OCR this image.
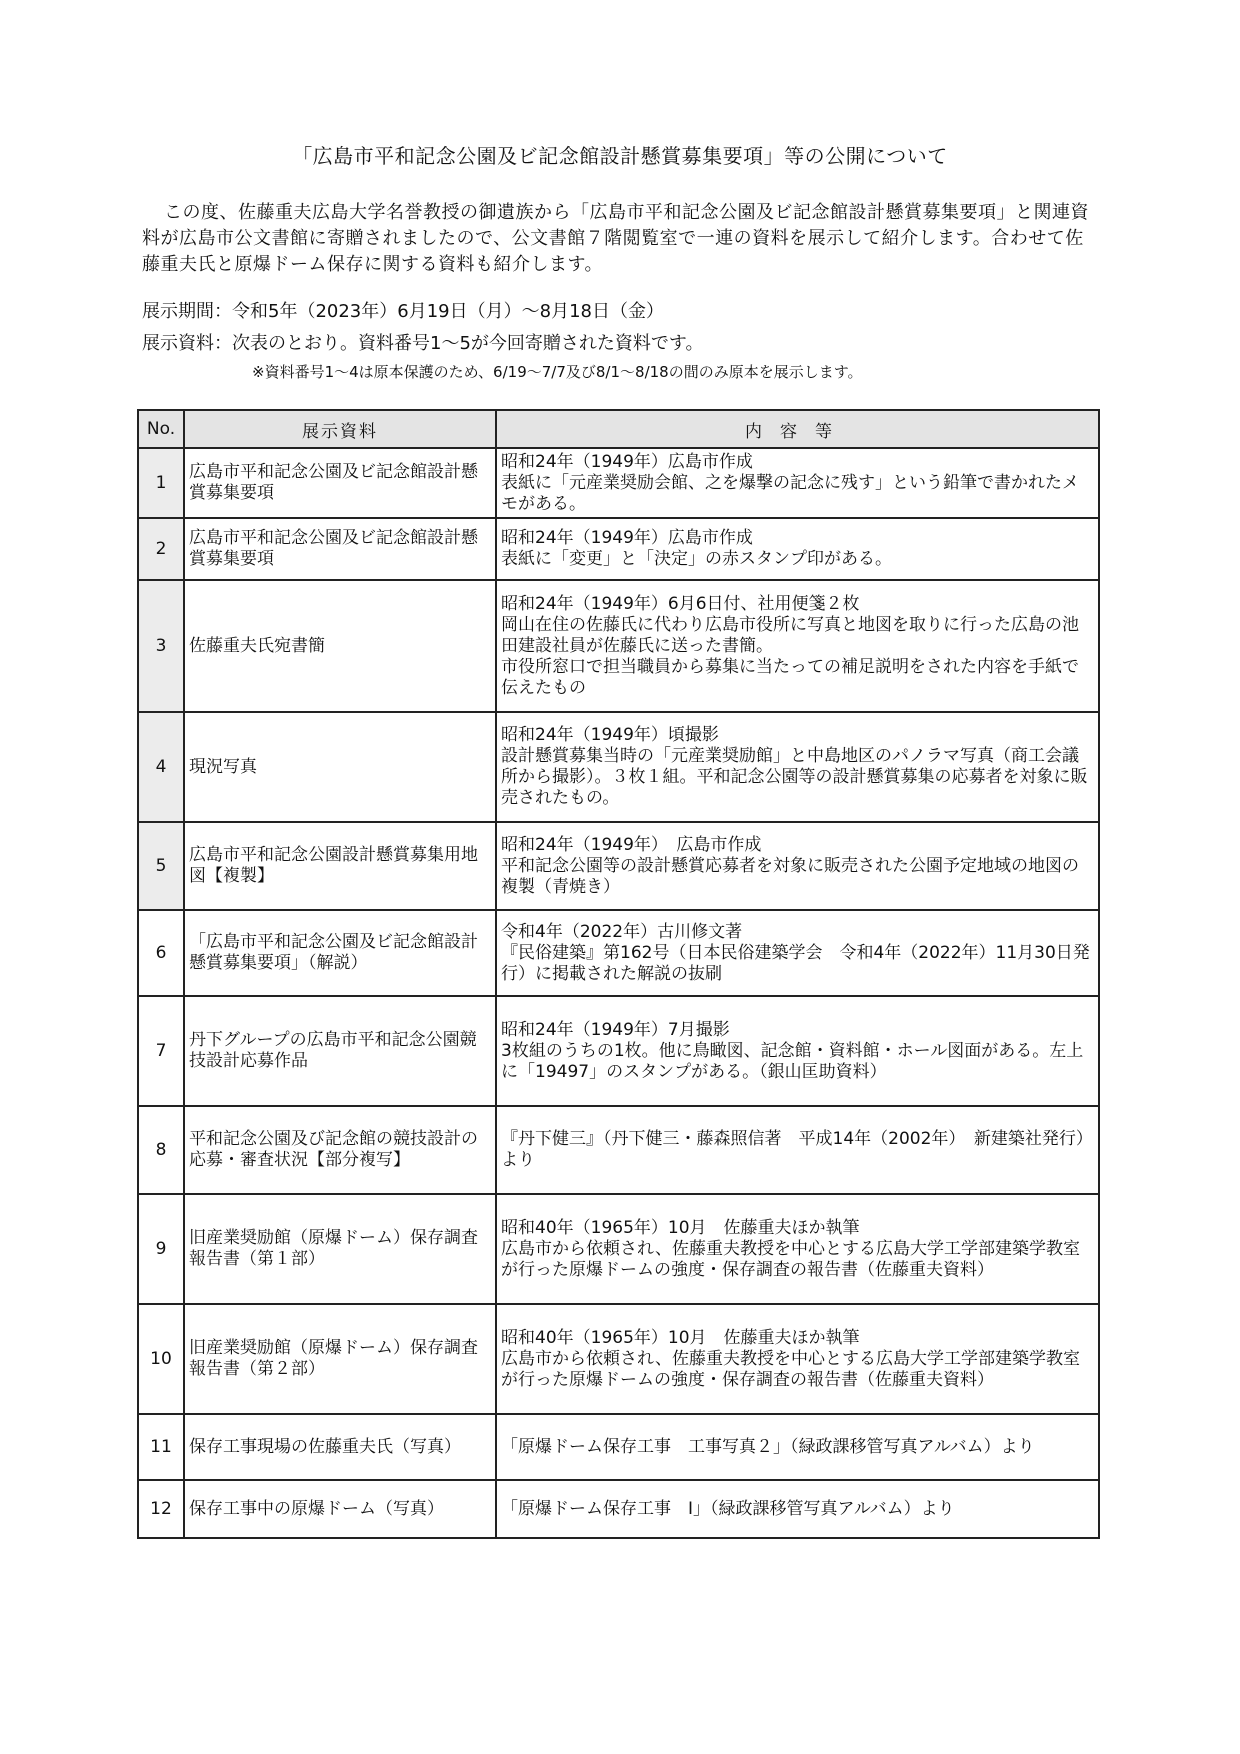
「広島市平和記念公園及ビ記念館設計懸賞募集要項」等の公開について
この度、佐藤重夫広島大学名誉教授の御遺族から「広島市平和記念公園及ビ記念館設計懸賞募集要項」と関連資料が広島市公文書館に寄贈されましたので、公文書館７階閲覧室で一連の資料を展示して紹介します。合わせて佐藤重夫氏と原爆ドーム保存に関する資料も紹介します。
展示期間：令和5年（2023年）6月19日（月）～8月18日（金）
展示資料：次表のとおり。資料番号1～5が今回寄贈された資料です。
※資料番号1～4は原本保護のため、6/19～7/7及び8/1～8/18の間のみ原本を展示します。
No.	展示資料	内容等
1	広島市平和記念公園及ビ記念館設計懸賞募集要項	昭和24年（1949年）広島市作成
表紙に「元産業奨励会館、之を爆撃の記念に残す」という鉛筆で書かれたメモがある。

2	広島市平和記念公園及ビ記念館設計懸賞募集要項	昭和24年（1949年）広島市作成
表紙に「変更」と「決定」の赤スタンプ印がある。

3	佐藤重夫氏宛書簡	昭和24年（1949年）6月6日付、社用便箋２枚
岡山在住の佐藤氏に代わり広島市役所に写真と地図を取りに行った広島の池田建設社員が佐藤氏に送った書簡。
市役所窓口で担当職員から募集に当たっての補足説明をされた内容を手紙で伝えたもの

4	現況写真	昭和24年（1949年）頃撮影
設計懸賞募集当時の「元産業奨励館」と中島地区のパノラマ写真（商工会議所から撮影）。３枚１組。平和記念公園等の設計懸賞募集の応募者を対象に販売されたもの。

5	広島市平和記念公園設計懸賞募集用地図【複製】	昭和24年（1949年）　広島市作成
平和記念公園等の設計懸賞応募者を対象に販売された公園予定地域の地図の複製（青焼き）

6	「広島市平和記念公園及ビ記念館設計懸賞募集要項」（解説）	令和4年（2022年）古川修文著
『民俗建築』第162号（日本民俗建築学会　令和4年（2022年）11月30日発行）に掲載された解説の抜刷

7	丹下グループの広島市平和記念公園競技設計応募作品	昭和24年（1949年）7月撮影
3枚組のうちの1枚。他に鳥瞰図、記念館・資料館・ホール図面がある。左上に「19497」のスタンプがある。（銀山匡助資料）

8	平和記念公園及び記念館の競技設計の応募・審査状況【部分複写】	『丹下健三』（丹下健三・藤森照信著　平成14年（2002年）　新建築社発行）より

9	旧産業奨励館（原爆ドーム）保存調査報告書（第１部）	昭和40年（1965年）10月　佐藤重夫ほか執筆
広島市から依頼され、佐藤重夫教授を中心とする広島大学工学部建築学教室が行った原爆ドームの強度・保存調査の報告書（佐藤重夫資料）

10	旧産業奨励館（原爆ドーム）保存調査報告書（第２部）	昭和40年（1965年）10月　佐藤重夫ほか執筆
広島市から依頼され、佐藤重夫教授を中心とする広島大学工学部建築学教室が行った原爆ドームの強度・保存調査の報告書（佐藤重夫資料）

11	保存工事現場の佐藤重夫氏（写真）	「原爆ドーム保存工事　工事写真２」（緑政課移管写真アルバム）より

12	保存工事中の原爆ドーム（写真）	「原爆ドーム保存工事　Ⅰ」（緑政課移管写真アルバム）より
